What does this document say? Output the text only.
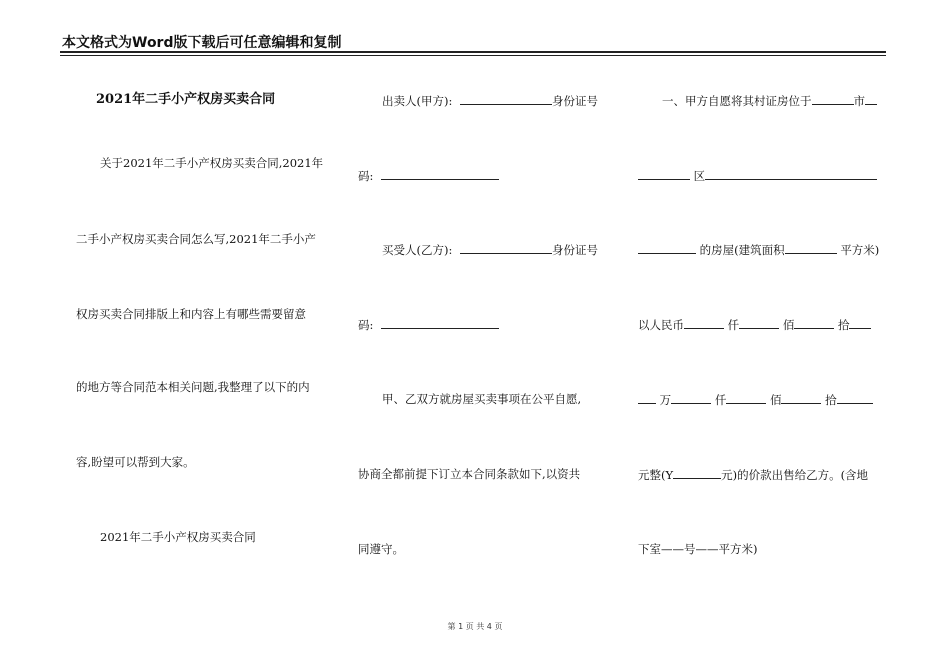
本文格式为Word版下载后可任意编辑和复制
2021年二手小产权房买卖合同
关于2021年二手小产权房买卖合同,2021年
二手小产权房买卖合同怎么写,2021年二手小产
权房买卖合同排版上和内容上有哪些需要留意
的地方等合同范本相关问题,我整理了以下的内
容,盼望可以帮到大家。
2021年二手小产权房买卖合同
出卖人(甲方):	身份证号
码:
买受人(乙方):	身份证号
码:
甲、乙双方就房屋买卖事项在公平自愿,
协商全都前提下订立本合同条款如下,以资共
同遵守。
一、甲方自愿将其村证房位于	市
区
的房屋(建筑面积	平方米)
以人民币	仟	佰	拾
万	仟	佰	拾
元整(Y	元)的价款出售给乙方。(含地
下室——号——平方米)
第 1 页 共 4 页
